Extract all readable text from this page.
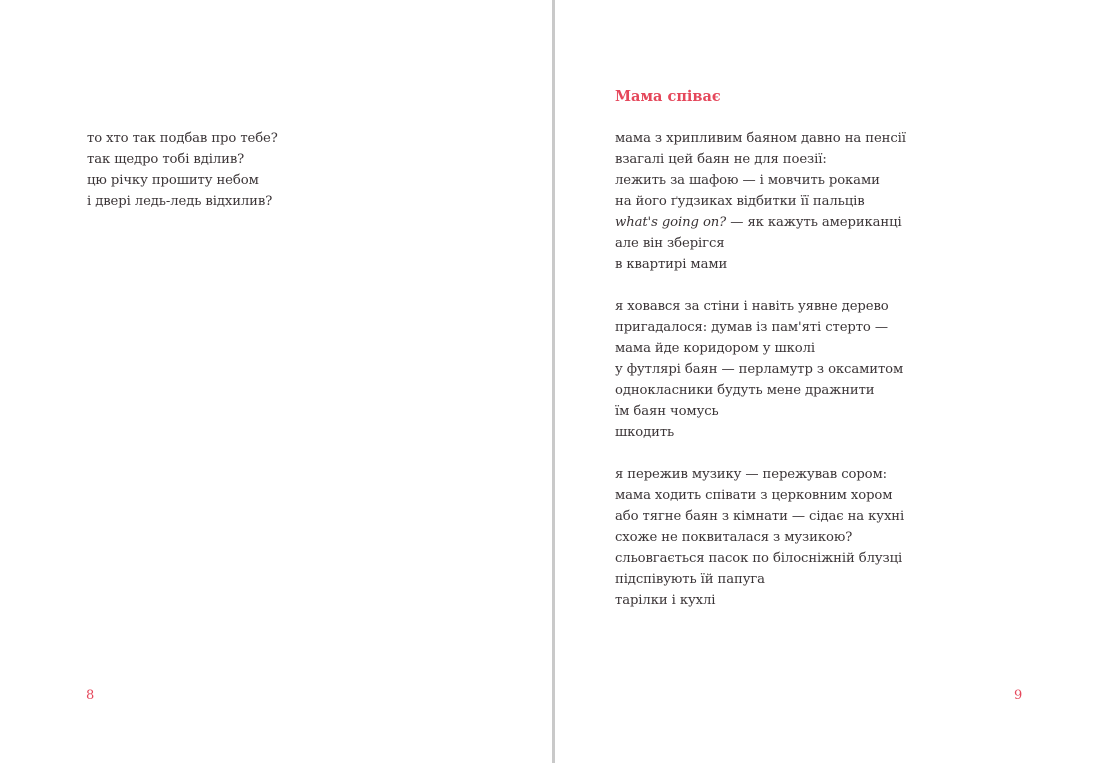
то хто так подбав про тебе?
так щедро тобі вділив?
цю річку прошиту небом
і двері ледь-ледь відхилив?
8
Мама співає
мама з хрипливим баяном давно на пенсії
взагалі цей баян не для поезії:
лежить за шафою — і мовчить роками
на його ґудзиках відбитки її пальців
what's going on? — як кажуть американці
але він зберігся
в квартирі мами
я ховався за стіни і навіть уявне дерево
пригадалося: думав із пам'яті стерто —
мама йде коридором у школі
у футлярі баян — перламутр з оксамитом
однокласники будуть мене дражнити
їм баян чомусь
шкодить
я пережив музику — пережував сором:
мама ходить співати з церковним хором
або тягне баян з кімнати — сідає на кухні
схоже не поквиталася з музикою?
сльовгається пасок по білосніжній блузці
підспівують їй папуга
тарілки і кухлі
9
